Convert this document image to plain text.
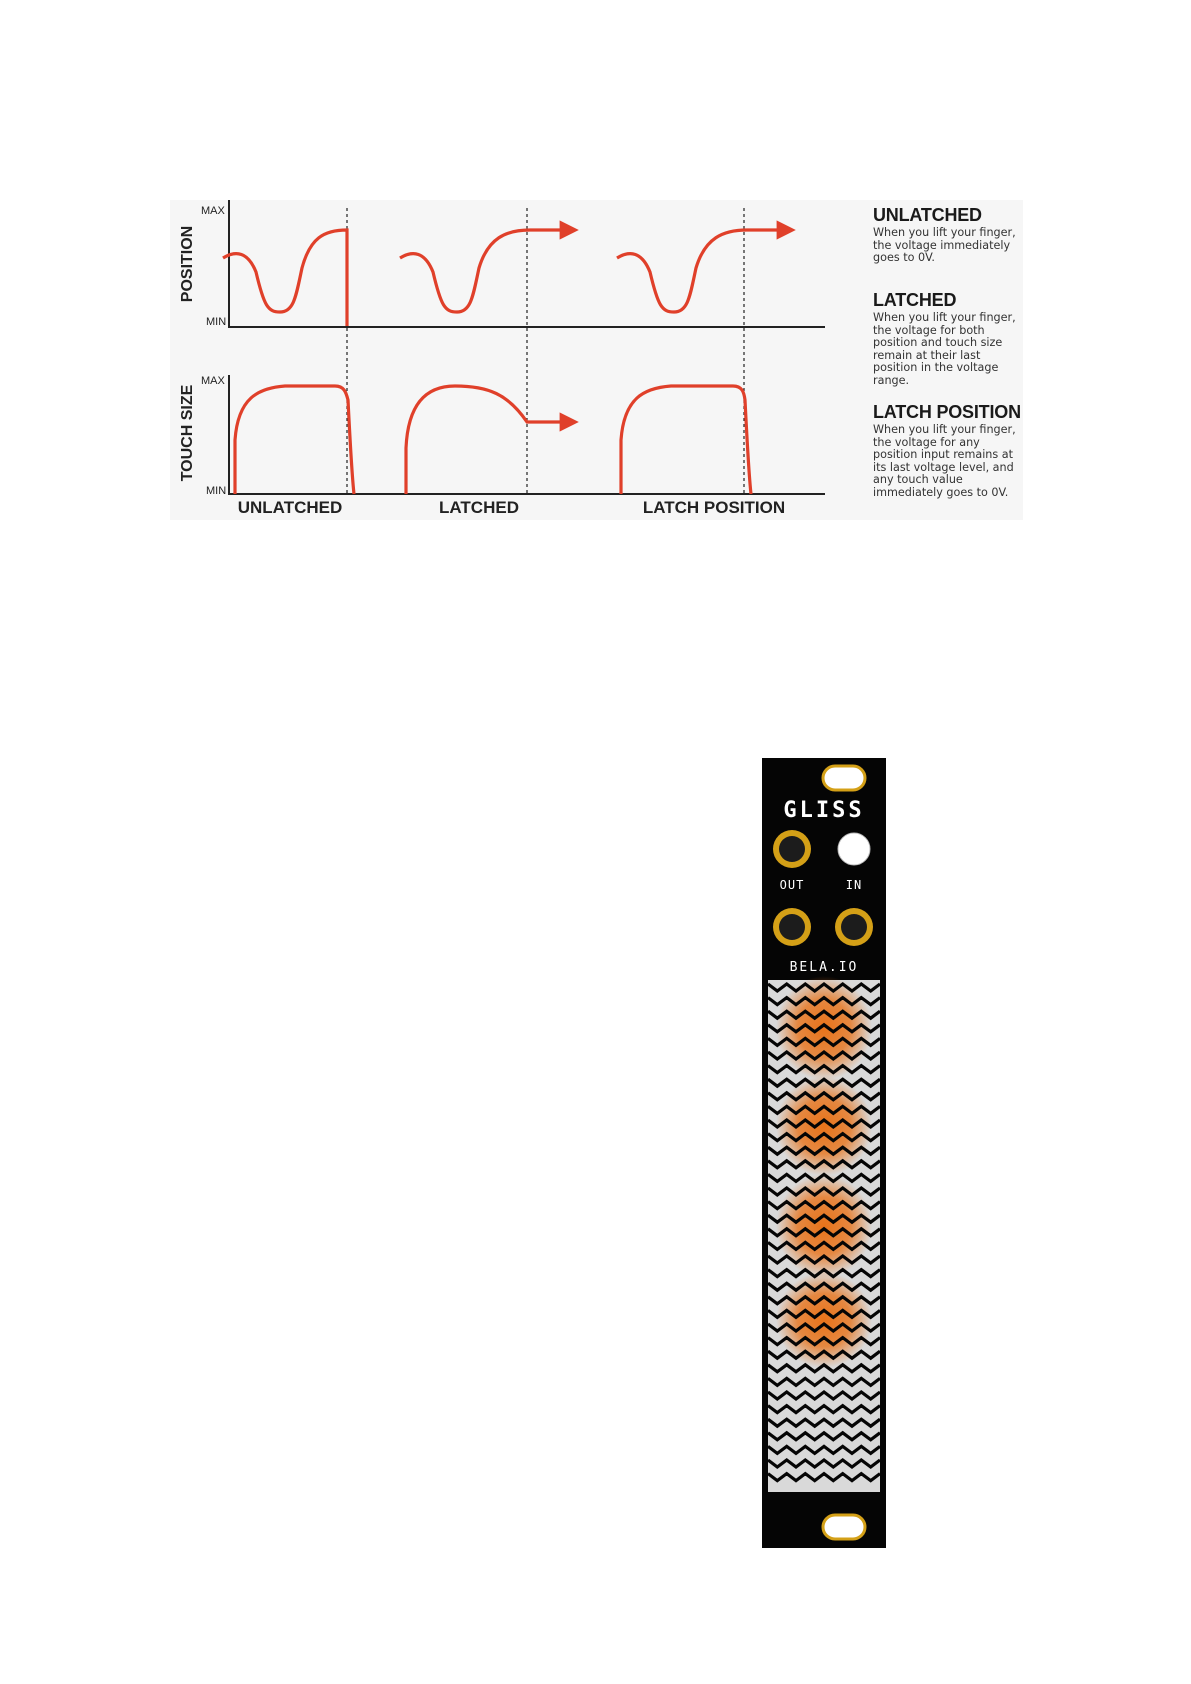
POSITION
TOUCH SIZE
MAX
MIN
MAX
MIN
UNLATCHED	LATCHED	LATCH POSITION

UNLATCHED

When you lift your finger, the voltage immediately goes to 0V.

LATCHED

When you lift your finger, the voltage for both position and touch size remain at their last position in the voltage range.

LATCH POSITION

When you lift your finger, the voltage for any position input remains at its last voltage level, and any touch value immediately goes to 0V.

GLISS
OUT	IN
BELA.IO
